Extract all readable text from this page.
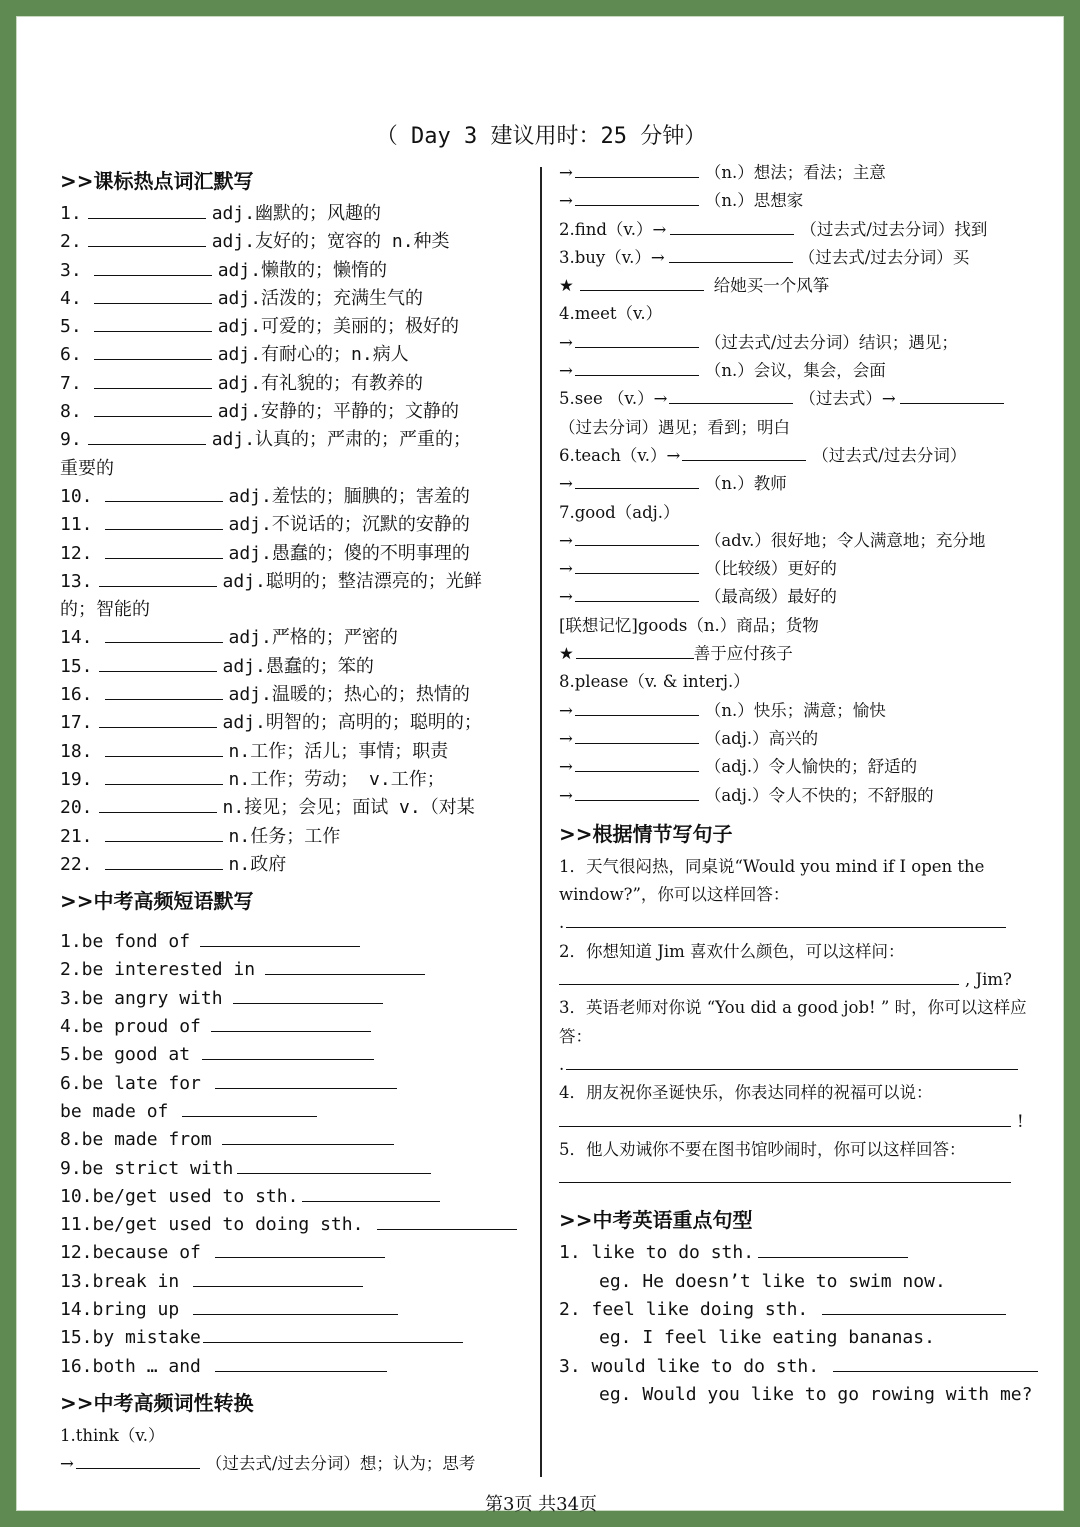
（ Day 3 建议用时：25 分钟）
>>课标热点词汇默写
1.	adj.幽默的；风趣的
2.	adj.友好的；宽容的 n.种类
3.	adj.懒散的；懒惰的
4.	adj.活泼的；充满生气的
5.	adj.可爱的；美丽的；极好的
6.	adj.有耐心的；n.病人
7.	adj.有礼貌的；有教养的
8.	adj.安静的；平静的；文静的
9.	adj.认真的；严肃的；严重的；
重要的
10.	adj.羞怯的；腼腆的；害羞的
11.	adj.不说话的；沉默的安静的
12.	adj.愚蠢的；傻的不明事理的
13.	adj.聪明的；整洁漂亮的；光鲜
的；智能的
14.	adj.严格的；严密的
15.	adj.愚蠢的；笨的
16.	adj.温暖的；热心的；热情的
17.	adj.明智的；高明的；聪明的；
18.	n.工作；活儿；事情；职责
19.	n.工作；劳动； v.工作；
20.	n.接见；会见；面试 v.（对某
21.	n.任务；工作
22.	n.政府
>>中考高频短语默写
1.be fond of
2.be interested in
3.be angry with
4.be proud of
5.be good at
6.be late for
be made of
8.be made from
9.be strict with
10.be/get used to sth.
11.be/get used to doing sth.
12.because of
13.break in
14.bring up
15.by mistake
16.both … and
>>中考高频词性转换
1.think（v.）
→	（过去式/过去分词）想；认为；思考
→	（n.）想法；看法；主意
→	（n.）思想家
2.find（v.）→	（过去式/过去分词）找到
3.buy（v.）→	（过去式/过去分词）买
★	给她买一个风筝
4.meet（v.）
→	（过去式/过去分词）结识；遇见；
→	（n.）会议，集会，会面
5.see （v.）→	（过去式）→
（过去分词）遇见；看到；明白
6.teach（v.）→	（过去式/过去分词）
→	（n.）教师
7.good（adj.）
→	（adv.）很好地；令人满意地；充分地
→	（比较级）更好的
→	（最高级）最好的
[联想记忆]goods（n.）商品；货物
★	善于应付孩子
8.please（v. & interj.）
→	（n.）快乐；满意；愉快
→	（adj.）高兴的
→	（adj.）令人愉快的；舒适的
→	（adj.）令人不快的；不舒服的
>>根据情节写句子
1．天气很闷热，同桌说“Would you mind if I open the window?”，你可以这样回答：
.
2．你想知道 Jim 喜欢什么颜色，可以这样问：
, Jim?
3．英语老师对你说 “You did a good job! ” 时，你可以这样应答：
.
4．朋友祝你圣诞快乐，你表达同样的祝福可以说：
!
5．他人劝诫你不要在图书馆吵闹时，你可以这样回答：
>>中考英语重点句型
1. like to do sth.
eg. He doesn’t like to swim now.
2. feel like doing sth.
eg. I feel like eating bananas.
3. would like to do sth.
eg. Would you like to go rowing with me?
第3页 共34页
